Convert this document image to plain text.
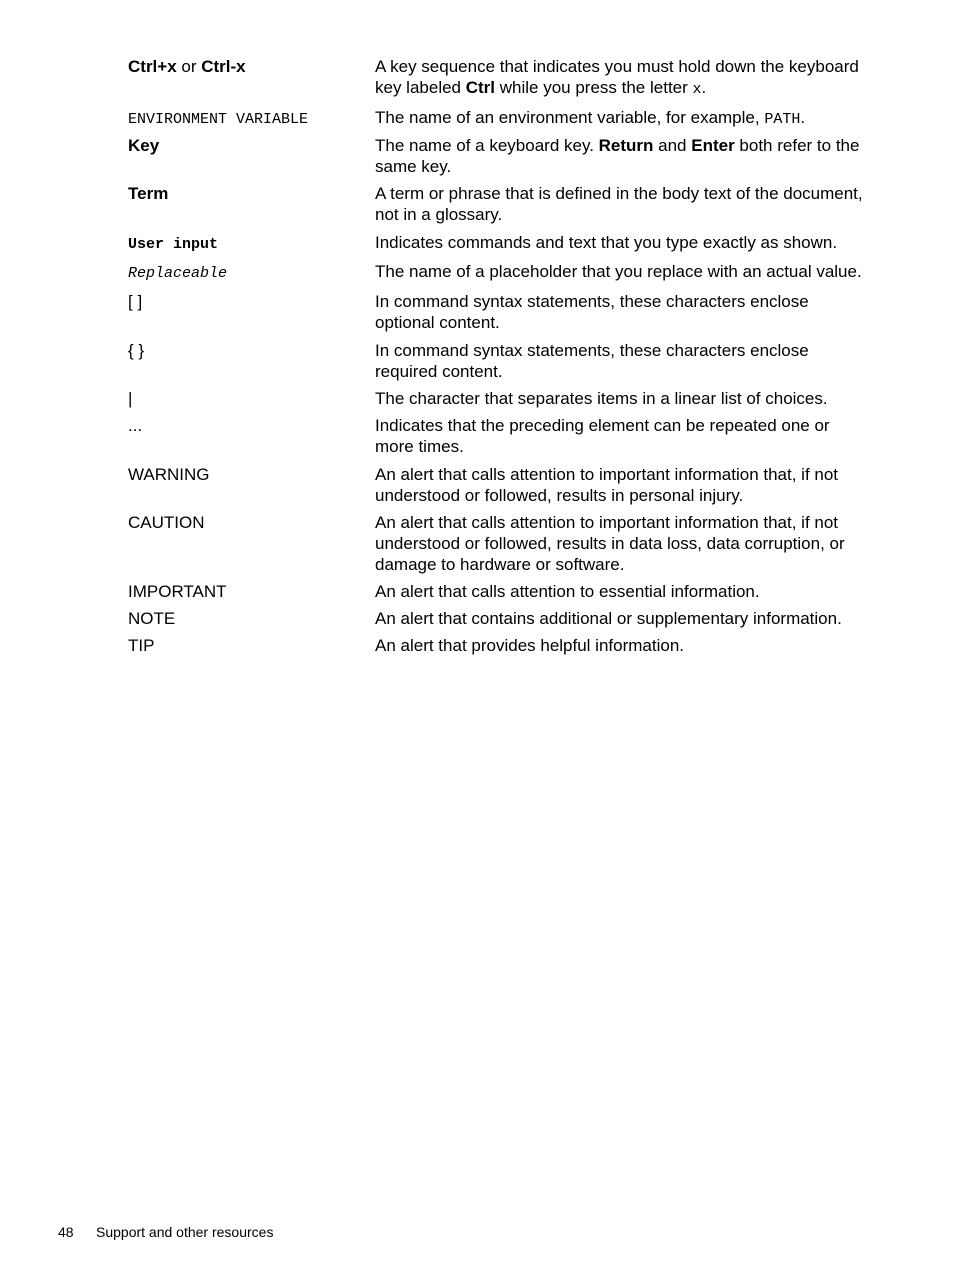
Ctrl+x or Ctrl-x	A key sequence that indicates you must hold down the keyboard key labeled Ctrl while you press the letter x.
ENVIRONMENT VARIABLE	The name of an environment variable, for example, PATH.
Key	The name of a keyboard key. Return and Enter both refer to the same key.
Term	A term or phrase that is defined in the body text of the document, not in a glossary.
User input	Indicates commands and text that you type exactly as shown.
Replaceable	The name of a placeholder that you replace with an actual value.
[ ]	In command syntax statements, these characters enclose optional content.
{ }	In command syntax statements, these characters enclose required content.
|	The character that separates items in a linear list of choices.
...	Indicates that the preceding element can be repeated one or more times.
WARNING	An alert that calls attention to important information that, if not understood or followed, results in personal injury.
CAUTION	An alert that calls attention to important information that, if not understood or followed, results in data loss, data corruption, or damage to hardware or software.
IMPORTANT	An alert that calls attention to essential information.
NOTE	An alert that contains additional or supplementary information.
TIP	An alert that provides helpful information.
48 Support and other resources
